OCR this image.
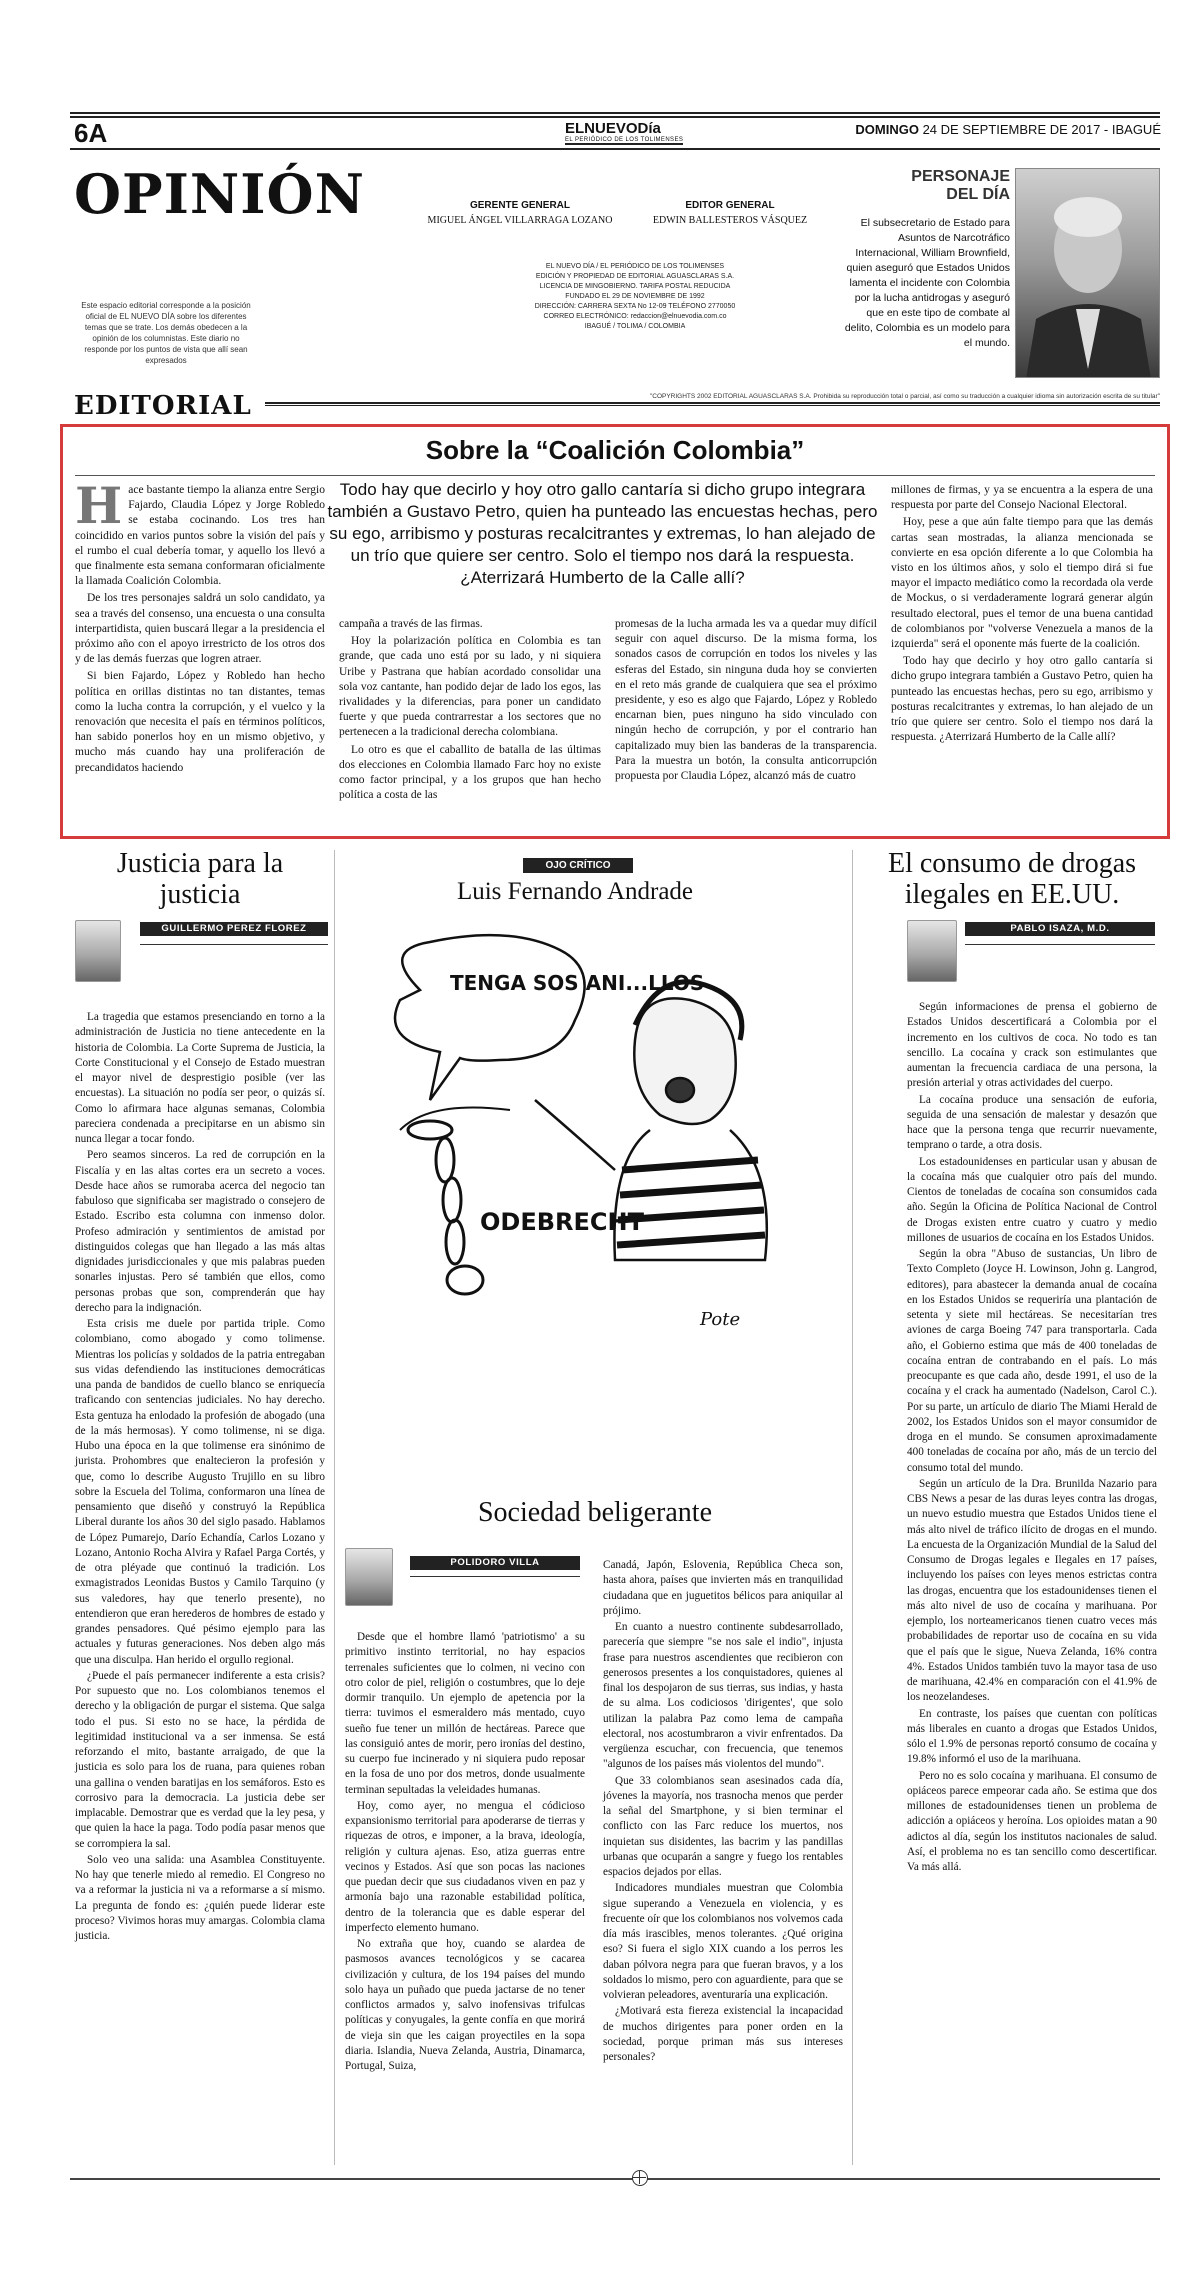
6A	ELNUEVODía
EL PERIÓDICO DE LOS TOLIMENSES
DOMINGO 24 DE SEPTIEMBRE DE 2017 - IBAGUÉ
OPINIÓN	GERENTE GENERAL
MIGUEL ÁNGEL VILLARRAGA LOZANO
EDITOR GENERAL
EDWIN BALLESTEROS VÁSQUEZ
EL NUEVO DÍA / EL PERIÓDICO DE LOS TOLIMENSES
EDICIÓN Y PROPIEDAD DE EDITORIAL AGUASCLARAS S.A.
LICENCIA DE MINGOBIERNO. TARIFA POSTAL REDUCIDA
FUNDADO EL 29 DE NOVIEMBRE DE 1992
DIRECCIÓN: CARRERA SEXTA No 12-09 TELÉFONO 2770050
CORREO ELECTRÓNICO: redaccion@elnuevodia.com.co
IBAGUÉ / TOLIMA / COLOMBIA
Este espacio editorial corresponde a la posición oficial de EL NUEVO DÍA sobre los diferentes temas que se trate. Los demás obedecen a la opinión de los columnistas. Este diario no responde por los puntos de vista que allí sean expresados
PERSONAJE
DEL DÍA
El subsecretario de Estado para Asuntos de Narcotráfico Internacional, William Brownfield, quien aseguró que Estados Unidos lamenta el incidente con Colombia por la lucha antidrogas y aseguró que en este tipo de combate al delito, Colombia es un modelo para el mundo.
EDITORIAL	"COPYRIGHTS 2002 EDITORIAL AGUASCLARAS S.A. Prohibida su reproducción total o parcial, así como su traducción a cualquier idioma sin autorización escrita de su titular"
Sobre la “Coalición Colombia”

Hace bastante tiempo la alianza entre Sergio Fajardo, Claudia López y Jorge Robledo se estaba cocinando. Los tres han coincidido en varios puntos sobre la visión del país y el rumbo el cual debería tomar, y aquello los llevó a que finalmente esta semana conformaran oficialmente la llamada Coalición Colombia.

De los tres personajes saldrá un solo candidato, ya sea a través del consenso, una encuesta o una consulta interpartidista, quien buscará llegar a la presidencia el próximo año con el apoyo irrestricto de los otros dos y de las demás fuerzas que logren atraer.

Si bien Fajardo, López y Robledo han hecho política en orillas distintas no tan distantes, temas como la lucha contra la corrupción, y el vuelco y la renovación que necesita el país en términos políticos, han sabido ponerlos hoy en un mismo objetivo, y mucho más cuando hay una proliferación de precandidatos haciendo

Todo hay que decirlo y hoy otro gallo cantaría si dicho grupo integrara también a Gustavo Petro, quien ha punteado las encuestas hechas, pero su ego, arribismo y posturas recalcitrantes y extremas, lo han alejado de un trío que quiere ser centro. Solo el tiempo nos dará la respuesta. ¿Aterrizará Humberto de la Calle allí?

campaña a través de las firmas.

Hoy la polarización política en Colombia es tan grande, que cada uno está por su lado, y ni siquiera Uribe y Pastrana que habían acordado consolidar una sola voz cantante, han podido dejar de lado los egos, las rivalidades y la diferencias, para poner un candidato fuerte y que pueda contrarrestar a los sectores que no pertenecen a la tradicional derecha colombiana.

Lo otro es que el caballito de batalla de las últimas dos elecciones en Colombia llamado Farc hoy no existe como factor principal, y a los grupos que han hecho política a costa de las

promesas de la lucha armada les va a quedar muy difícil seguir con aquel discurso. De la misma forma, los sonados casos de corrupción en todos los niveles y las esferas del Estado, sin ninguna duda hoy se convierten en el reto más grande de cualquiera que sea el próximo presidente, y eso es algo que Fajardo, López y Robledo encarnan bien, pues ninguno ha sido vinculado con ningún hecho de corrupción, y por el contrario han capitalizado muy bien las banderas de la transparencia. Para la muestra un botón, la consulta anticorrupción propuesta por Claudia López, alcanzó más de cuatro

millones de firmas, y ya se encuentra a la espera de una respuesta por parte del Consejo Nacional Electoral.

Hoy, pese a que aún falte tiempo para que las demás cartas sean mostradas, la alianza mencionada se convierte en esa opción diferente a lo que Colombia ha visto en los últimos años, y solo el tiempo dirá si fue mayor el impacto mediático como la recordada ola verde de Mockus, o si verdaderamente logrará generar algún resultado electoral, pues el temor de una buena cantidad de colombianos por "volverse Venezuela a manos de la izquierda" será el oponente más fuerte de la coalición.

Todo hay que decirlo y hoy otro gallo cantaría si dicho grupo integrara también a Gustavo Petro, quien ha punteado las encuestas hechas, pero su ego, arribismo y posturas recalcitrantes y extremas, lo han alejado de un trío que quiere ser centro. Solo el tiempo nos dará la respuesta. ¿Aterrizará Humberto de la Calle allí?

Justicia para la justicia
GUILLERMO PEREZ FLOREZ

La tragedia que estamos presenciando en torno a la administración de Justicia no tiene antecedente en la historia de Colombia. La Corte Suprema de Justicia, la Corte Constitucional y el Consejo de Estado muestran el mayor nivel de desprestigio posible (ver las encuestas). La situación no podía ser peor, o quizás sí. Como lo afirmara hace algunas semanas, Colombia pareciera condenada a precipitarse en un abismo sin nunca llegar a tocar fondo.

Pero seamos sinceros. La red de corrupción en la Fiscalía y en las altas cortes era un secreto a voces. Desde hace años se rumoraba acerca del negocio tan fabuloso que significaba ser magistrado o consejero de Estado. Escribo esta columna con inmenso dolor. Profeso admiración y sentimientos de amistad por distinguidos colegas que han llegado a las más altas dignidades jurisdiccionales y que mis palabras pueden sonarles injustas. Pero sé también que ellos, como personas probas que son, comprenderán que hay derecho para la indignación.

Esta crisis me duele por partida triple. Como colombiano, como abogado y como tolimense. Mientras los policías y soldados de la patria entregaban sus vidas defendiendo las instituciones democráticas una panda de bandidos de cuello blanco se enriquecía traficando con sentencias judiciales. No hay derecho. Esta gentuza ha enlodado la profesión de abogado (una de la más hermosas). Y como tolimense, ni se diga. Hubo una época en la que tolimense era sinónimo de jurista. Prohombres que enaltecieron la profesión y que, como lo describe Augusto Trujillo en su libro sobre la Escuela del Tolima, conformaron una línea de pensamiento que diseñó y construyó la República Liberal durante los años 30 del siglo pasado. Hablamos de López Pumarejo, Darío Echandía, Carlos Lozano y Lozano, Antonio Rocha Alvira y Rafael Parga Cortés, y de otra pléyade que continuó la tradición. Los exmagistrados Leonidas Bustos y Camilo Tarquino (y sus valedores, hay que tenerlo presente), no entendieron que eran herederos de hombres de estado y grandes pensadores. Qué pésimo ejemplo para las actuales y futuras generaciones. Nos deben algo más que una disculpa. Han herido el orgullo regional.

¿Puede el país permanecer indiferente a esta crisis? Por supuesto que no. Los colombianos tenemos el derecho y la obligación de purgar el sistema. Que salga todo el pus. Si esto no se hace, la pérdida de legitimidad institucional va a ser inmensa. Se está reforzando el mito, bastante arraigado, de que la justicia es solo para los de ruana, para quienes roban una gallina o venden baratijas en los semáforos. Esto es corrosivo para la democracia. La justicia debe ser implacable. Demostrar que es verdad que la ley pesa, y que quien la hace la paga. Todo podía pasar menos que se corrompiera la sal.

Solo veo una salida: una Asamblea Constituyente. No hay que tenerle miedo al remedio. El Congreso no va a reformar la justicia ni va a reformarse a sí mismo. La pregunta de fondo es: ¿quién puede liderar este proceso? Vivimos horas muy amargas. Colombia clama justicia.

OJO CRÍTICO
Luis Fernando Andrade
TENGA SOS ANI...LLOS
ODEBRECHT
Pote
Sociedad beligerante
POLIDORO VILLA

Desde que el hombre llamó 'patriotismo' a su primitivo instinto territorial, no hay espacios terrenales suficientes que lo colmen, ni vecino con otro color de piel, religión o costumbres, que lo deje dormir tranquilo. Un ejemplo de apetencia por la tierra: tuvimos el esmeraldero más mentado, cuyo sueño fue tener un millón de hectáreas. Parece que las consiguió antes de morir, pero ironías del destino, su cuerpo fue incinerado y ni siquiera pudo reposar en la fosa de uno por dos metros, donde usualmente terminan sepultadas la veleidades humanas.

Hoy, como ayer, no mengua el códicioso expansionismo territorial para apoderarse de tierras y riquezas de otros, e imponer, a la brava, ideología, religión y cultura ajenas. Eso, atiza guerras entre vecinos y Estados. Así que son pocas las naciones que puedan decir que sus ciudadanos viven en paz y armonía bajo una razonable estabilidad política, dentro de la tolerancia que es dable esperar del imperfecto elemento humano.

No extraña que hoy, cuando se alardea de pasmosos avances tecnológicos y se cacarea civilización y cultura, de los 194 países del mundo solo haya un puñado que pueda jactarse de no tener conflictos armados y, salvo inofensivas trifulcas políticas y conyugales, la gente confía en que morirá de vieja sin que les caigan proyectiles en la sopa diaria. Islandia, Nueva Zelanda, Austria, Dinamarca, Portugal, Suiza,

Canadá, Japón, Eslovenia, República Checa son, hasta ahora, países que invierten más en tranquilidad ciudadana que en juguetitos bélicos para aniquilar al prójimo.

En cuanto a nuestro continente subdesarrollado, parecería que siempre "se nos sale el indio", injusta frase para nuestros ascendientes que recibieron con generosos presentes a los conquistadores, quienes al final los despojaron de sus tierras, sus indias, y hasta de su alma. Los codiciosos 'dirigentes', que solo utilizan la palabra Paz como lema de campaña electoral, nos acostumbraron a vivir enfrentados. Da vergüenza escuchar, con frecuencia, que tenemos "algunos de los países más violentos del mundo".

Que 33 colombianos sean asesinados cada día, jóvenes la mayoría, nos trasnocha menos que perder la señal del Smartphone, y si bien terminar el conflicto con las Farc reduce los muertos, nos inquietan sus disidentes, las bacrim y las pandillas urbanas que ocuparán a sangre y fuego los rentables espacios dejados por ellas.

Indicadores mundiales muestran que Colombia sigue superando a Venezuela en violencia, y es frecuente oír que los colombianos nos volvemos cada día más irascibles, menos tolerantes. ¿Qué origina eso? Si fuera el siglo XIX cuando a los perros les daban pólvora negra para que fueran bravos, y a los soldados lo mismo, pero con aguardiente, para que se volvieran peleadores, aventuraría una explicación.

¿Motivará esta fiereza existencial la incapacidad de muchos dirigentes para poner orden en la sociedad, porque priman más sus intereses personales?

El consumo de drogas ilegales en EE.UU.
PABLO ISAZA, M.D.

Según informaciones de prensa el gobierno de Estados Unidos descertificará a Colombia por el incremento en los cultivos de coca. No todo es tan sencillo. La cocaína y crack son estimulantes que aumentan la frecuencia cardiaca de una persona, la presión arterial y otras actividades del cuerpo.

La cocaína produce una sensación de euforia, seguida de una sensación de malestar y desazón que hace que la persona tenga que recurrir nuevamente, temprano o tarde, a otra dosis.

Los estadounidenses en particular usan y abusan de la cocaína más que cualquier otro país del mundo. Cientos de toneladas de cocaína son consumidos cada año. Según la Oficina de Política Nacional de Control de Drogas existen entre cuatro y cuatro y medio millones de usuarios de cocaína en los Estados Unidos.

Según la obra "Abuso de sustancias, Un libro de Texto Completo (Joyce H. Lowinson, John g. Langrod, editores), para abastecer la demanda anual de cocaína en los Estados Unidos se requeriría una plantación de setenta y siete mil hectáreas. Se necesitarían tres aviones de carga Boeing 747 para transportarla. Cada año, el Gobierno estima que más de 400 toneladas de cocaína entran de contrabando en el país. Lo más preocupante es que cada año, desde 1991, el uso de la cocaína y el crack ha aumentado (Nadelson, Carol C.). Por su parte, un artículo de diario The Miami Herald de 2002, los Estados Unidos son el mayor consumidor de droga en el mundo. Se consumen aproximadamente 400 toneladas de cocaína por año, más de un tercio del consumo total del mundo.

Según un artículo de la Dra. Brunilda Nazario para CBS News a pesar de las duras leyes contra las drogas, un nuevo estudio muestra que Estados Unidos tiene el más alto nivel de tráfico ilícito de drogas en el mundo. La encuesta de la Organización Mundial de la Salud del Consumo de Drogas legales e Ilegales en 17 países, incluyendo los países con leyes menos estrictas contra las drogas, encuentra que los estadounidenses tienen el más alto nivel de uso de cocaína y marihuana. Por ejemplo, los norteamericanos tienen cuatro veces más probabilidades de reportar uso de cocaína en su vida que el país que le sigue, Nueva Zelanda, 16% contra 4%. Estados Unidos también tuvo la mayor tasa de uso de marihuana, 42.4% en comparación con el 41.9% de los neozelandeses.

En contraste, los países que cuentan con políticas más liberales en cuanto a drogas que Estados Unidos, sólo el 1.9% de personas reportó consumo de cocaína y 19.8% informó el uso de la marihuana.

Pero no es solo cocaína y marihuana. El consumo de opiáceos parece empeorar cada año. Se estima que dos millones de estadounidenses tienen un problema de adicción a opiáceos y heroína. Los opioides matan a 90 adictos al día, según los institutos nacionales de salud. Así, el problema no es tan sencillo como descertificar. Va más allá.
